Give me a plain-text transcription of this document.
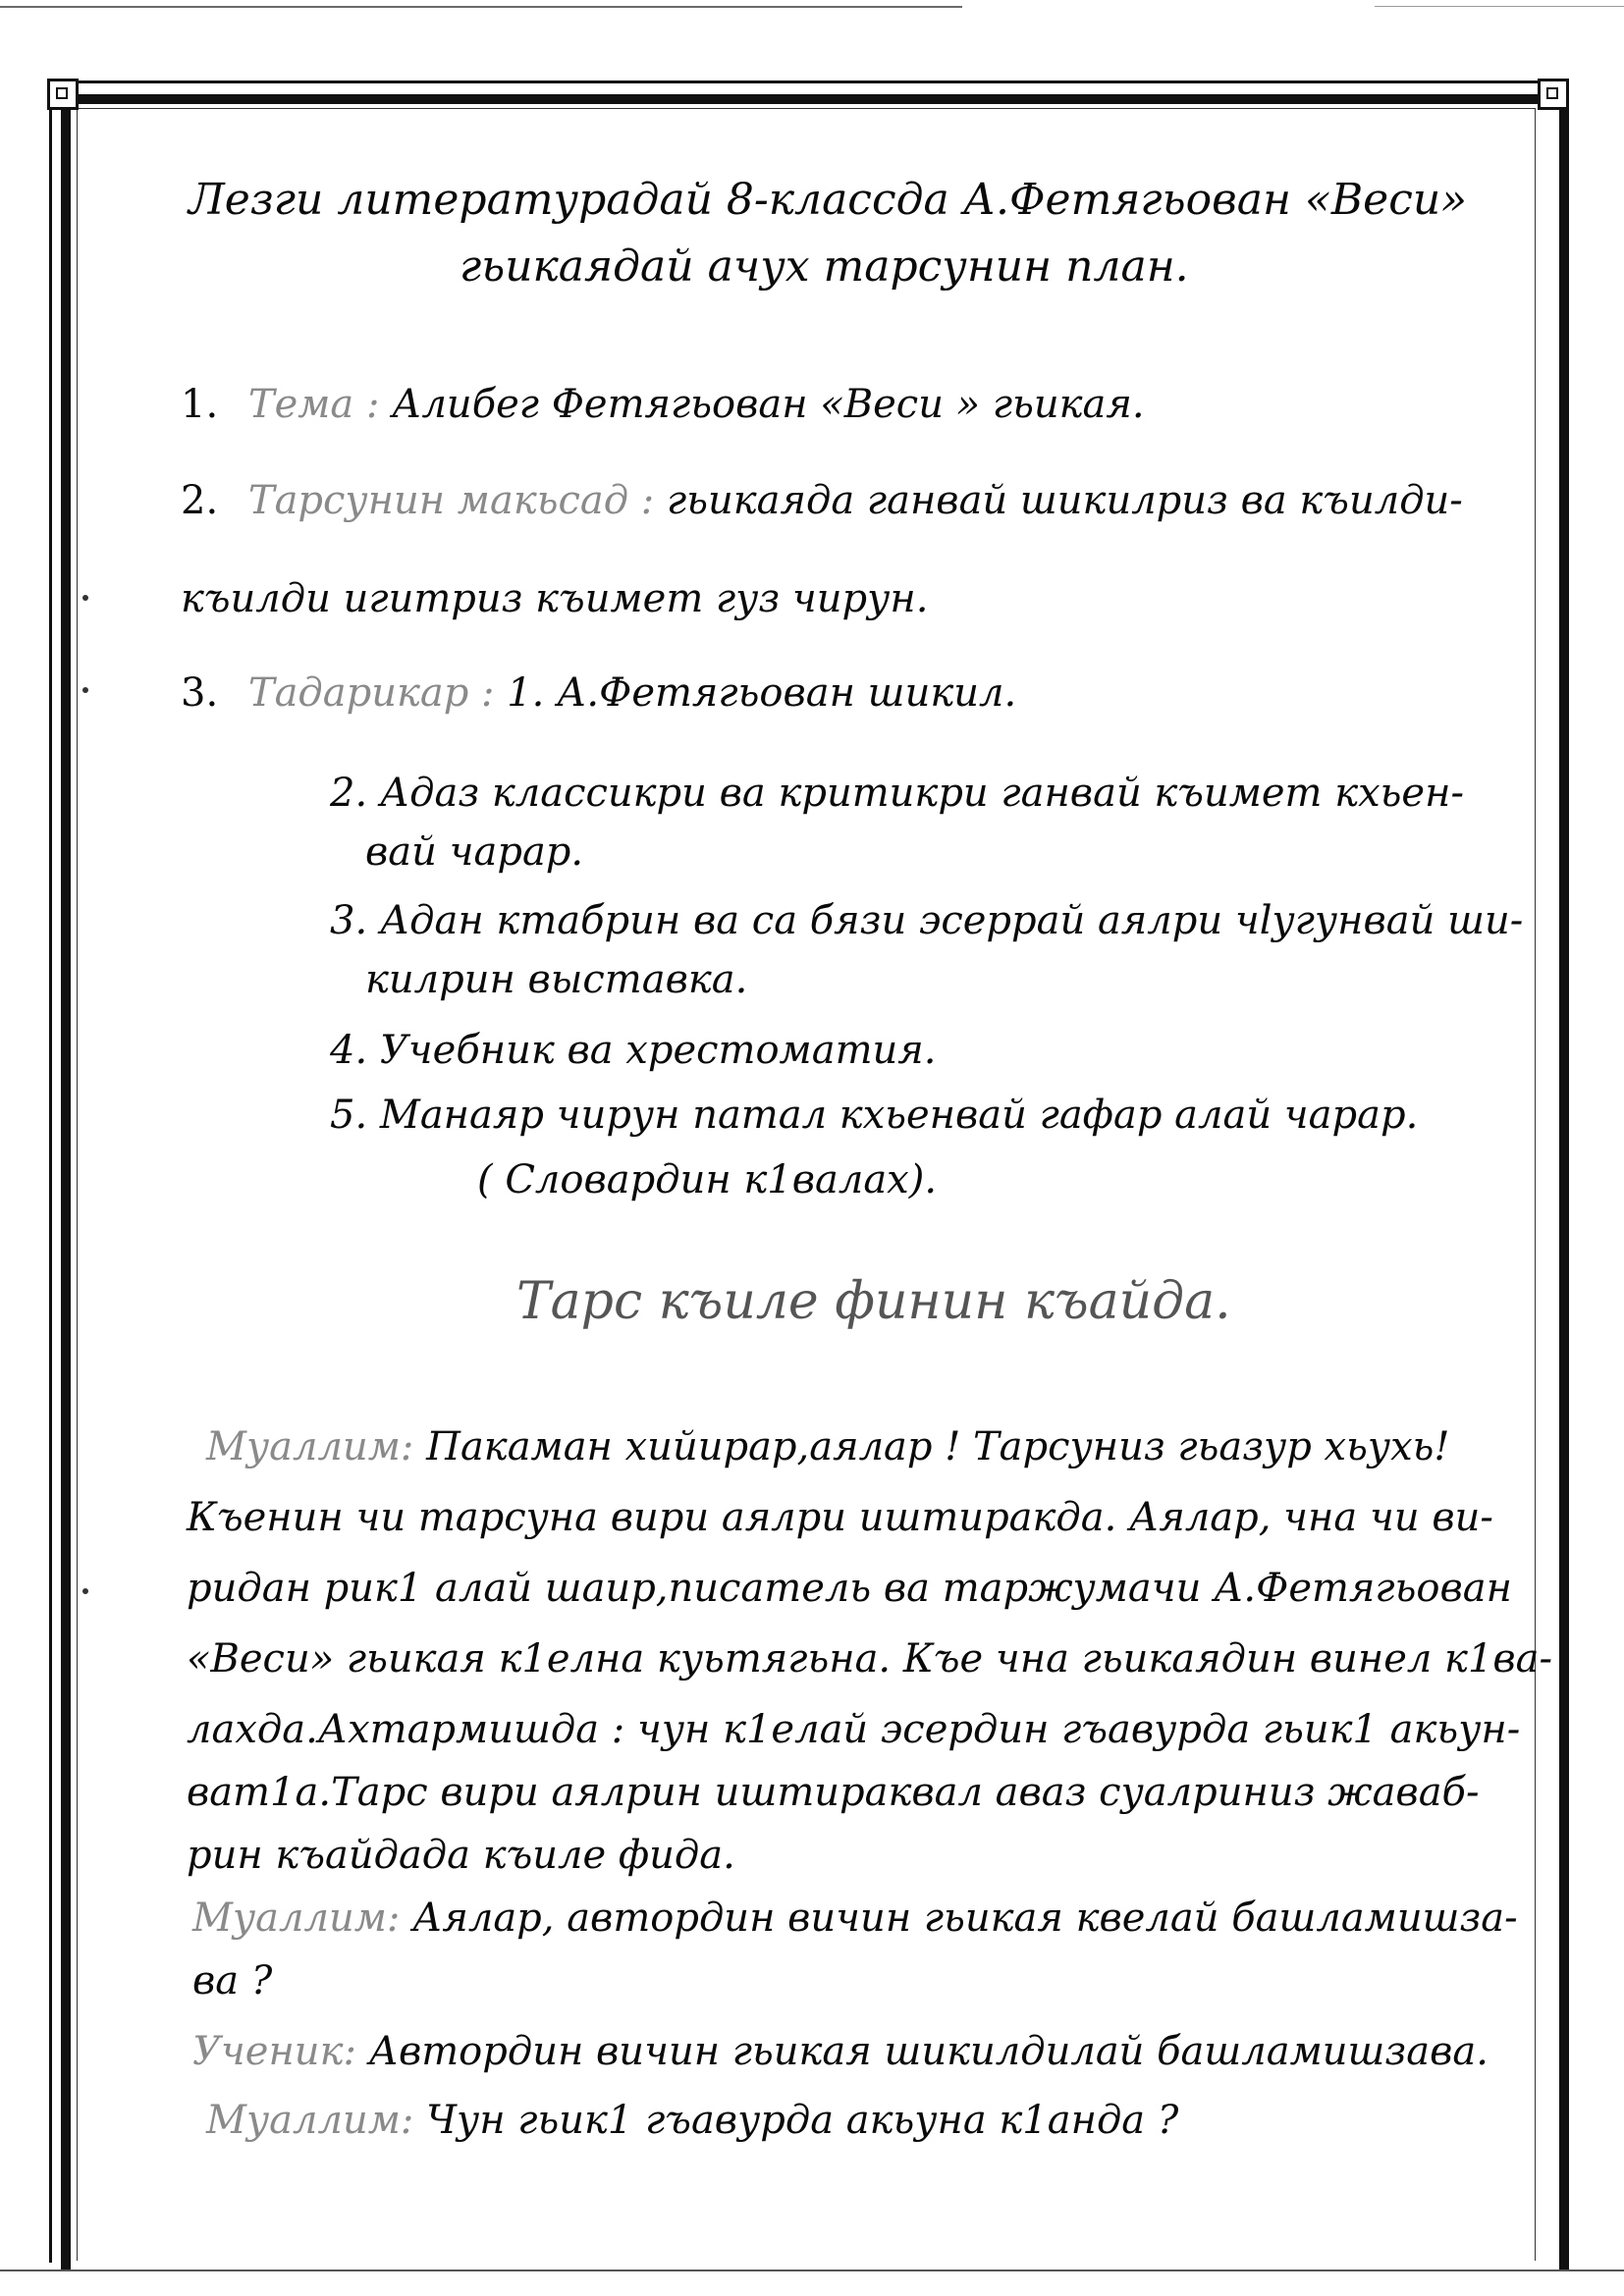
Лезги литературадай 8-классда А.Фетягьован «Веси»
гьикаядай ачух тарсунин план.
1. Тема : Алибег Фетягьован «Веси » гьикая.
2. Тарсунин макьсад : гьикаяда ганвай шикилриз ва къилди-
къилди игитриз къимет гуз чирун.
3. Тадарикар : 1. А.Фетягьован шикил.
2. Адаз классикри ва критикри ганвай къимет кхьен-
вай чарар.
3. Адан ктабрин ва са бязи эсеррай аялри чlугунвай ши-
килрин выставка.
4. Учебник ва хрестоматия.
5. Манаяр чирун патал кхьенвай гафар алай чарар.
( Словардин к1валах).
Тарс къиле финин къайда.
Муаллим: Пакаман хийирар,аялар ! Тарсуниз гьазур хьухь!
Къенин чи тарсуна вири аялри иштиракда. Аялар, чна чи ви-
ридан рик1 алай шаир,писатель ва таржумачи А.Фетягьован
«Веси» гьикая к1елна куьтягьна. Къе чна гьикаядин винел к1ва-
лахда.Ахтармишда : чун к1елай эсердин гъавурда гьик1 акьун-
ват1а.Тарс вири аялрин иштираквал аваз суалриниз жаваб-
рин къайдада къиле фида.
Муаллим: Аялар, автордин вичин гьикая квелай башламишза-
ва ?
Ученик: Автордин вичин гьикая шикилдилай башламишзава.
Муаллим: Чун гьик1 гъавурда акьуна к1анда ?
